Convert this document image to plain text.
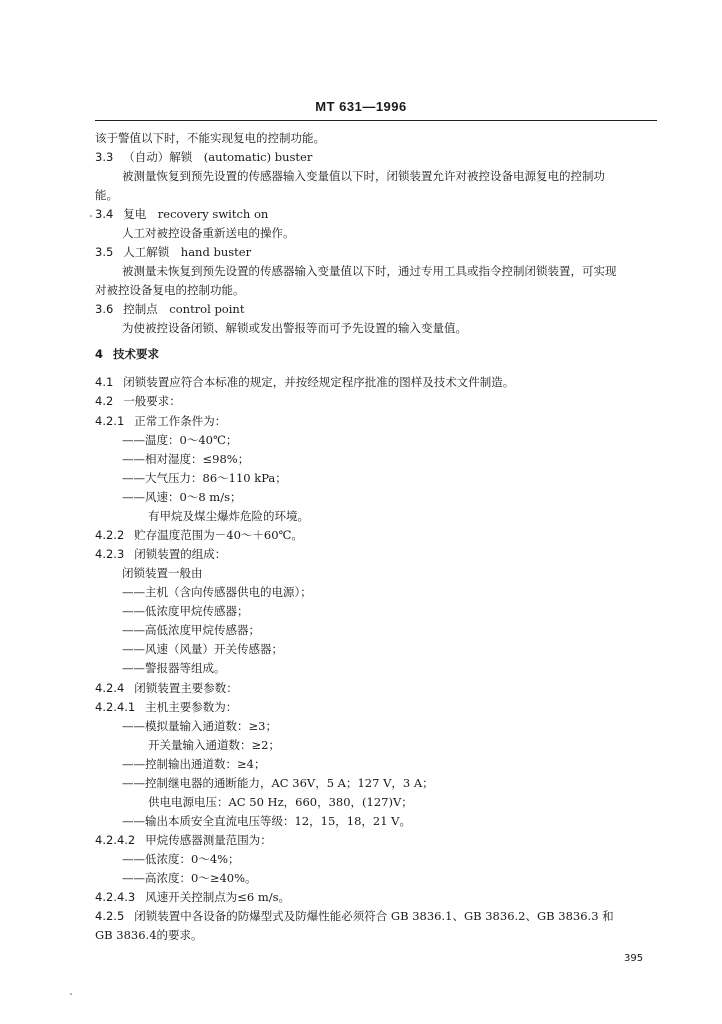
MT 631—1996
该于警值以下时，不能实现复电的控制功能。
3.3 （自动）解锁　(automatic) buster
被测量恢复到预先设置的传感器输入变量值以下时，闭锁装置允许对被控设备电源复电的控制功
能。
3.4 复电　recovery switch on
人工对被控设备重新送电的操作。
3.5 人工解锁　hand buster
被测量未恢复到预先设置的传感器输入变量值以下时，通过专用工具或指令控制闭锁装置，可实现
对被控设备复电的控制功能。
3.6 控制点　control point
为使被控设备闭锁、解锁或发出警报等而可予先设置的输入变量值。
4 技术要求
4.1 闭锁装置应符合本标准的规定，并按经规定程序批准的图样及技术文件制造。
4.2 一般要求：
4.2.1 正常工作条件为：
——温度：0～40℃；
——相对湿度：≤98%；
——大气压力：86～110 kPa；
——风速：0～8 m/s；
有甲烷及煤尘爆炸危险的环境。
4.2.2 贮存温度范围为－40～＋60℃。
4.2.3 闭锁装置的组成：
闭锁装置一般由
——主机（含向传感器供电的电源）；
——低浓度甲烷传感器；
——高低浓度甲烷传感器；
——风速（风量）开关传感器；
——警报器等组成。
4.2.4 闭锁装置主要参数：
4.2.4.1 主机主要参数为：
——模拟量输入通道数：≥3；
开关量输入通道数：≥2；
——控制输出通道数：≥4；
——控制继电器的通断能力，AC 36V，5 A；127 V，3 A；
供电电源电压：AC 50 Hz，660，380，(127)V；
——输出本质安全直流电压等级：12，15，18，21 V。
4.2.4.2 甲烷传感器测量范围为：
——低浓度：0～4%；
——高浓度：0～≥40%。
4.2.4.3 风速开关控制点为≤6 m/s。
4.2.5 闭锁装置中各设备的防爆型式及防爆性能必须符合 GB 3836.1、GB 3836.2、GB 3836.3 和
GB 3836.4的要求。
395
